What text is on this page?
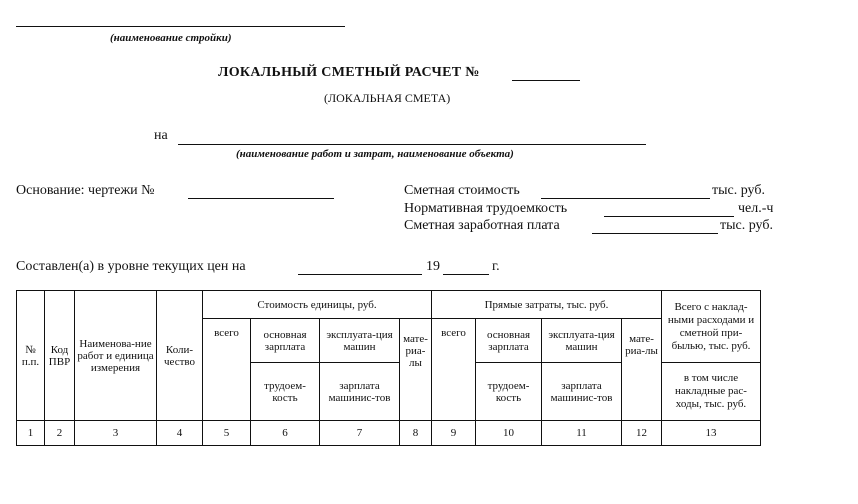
(наименование стройки)
ЛОКАЛЬНЫЙ СМЕТНЫЙ РАСЧЕТ №
(ЛОКАЛЬНАЯ СМЕТА)
на
(наименование работ и затрат, наименование объекта)
Основание: чертежи №	Сметная стоимость	тыс. руб.
Нормативная трудоемкость	чел.-ч
Сметная заработная плата	тыс. руб.
Составлен(а) в уровне текущих цен на	19	г.
№ п.п.	Код ПВР	Наименова-ние работ и единица измерения	Коли-чество	Стоимость единицы, руб.				Прямые затраты, тыс. руб.				Всего с наклад-ными расходами и сметной при-былью, тыс. руб.
				всего	основная зарплата	эксплуата-ция машин	мате-риа-лы	всего	основная зарплата	эксплуата-ция машин	мате-риа-лы	
					трудоем-кость	зарплата машинис-тов			трудоем-кость	зарплата машинис-тов		в том числе накладные рас-ходы, тыс. руб.
1	2	3	4	5	6	7	8	9	10	11	12	13
